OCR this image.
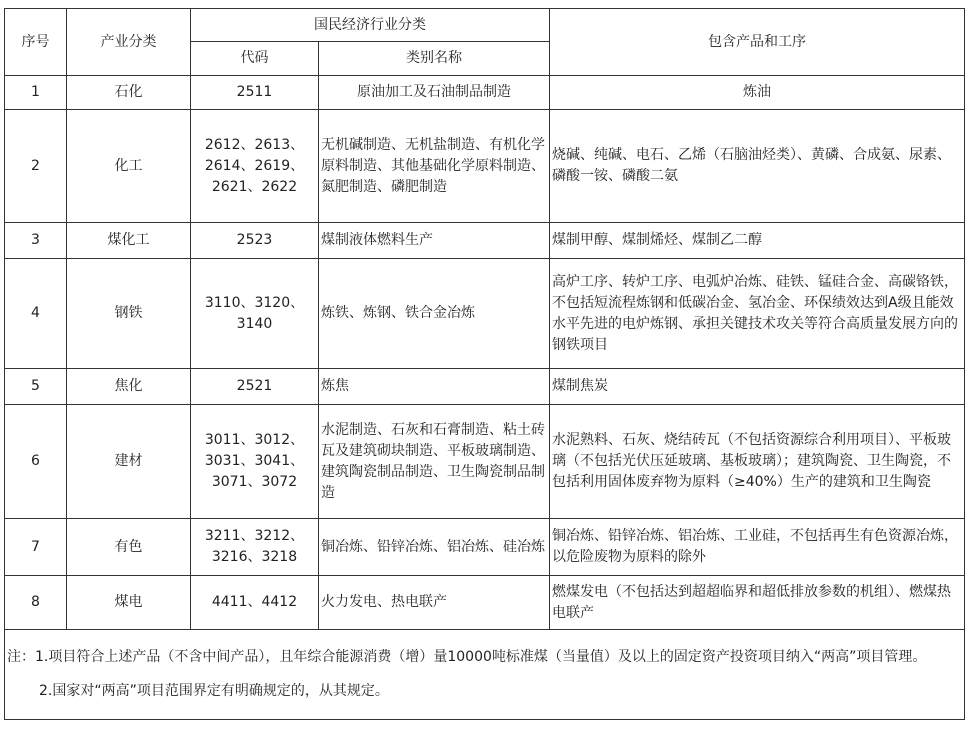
序号	产业分类	国民经济行业分类		包含产品和工序
		代码	类别名称	
1	石化	2511	原油加工及石油制品制造	炼油
2	化工	2612、2613、2614、2619、2621、2622	无机碱制造、无机盐制造、有机化学原料制造、其他基础化学原料制造、氮肥制造、磷肥制造	烧碱、纯碱、电石、乙烯（石脑油烃类）、黄磷、合成氨、尿素、磷酸一铵、磷酸二氨
3	煤化工	2523	煤制液体燃料生产	煤制甲醇、煤制烯烃、煤制乙二醇
4	钢铁	3110、3120、3140	炼铁、炼钢、铁合金冶炼	高炉工序、转炉工序、电弧炉冶炼、硅铁、锰硅合金、高碳铬铁，不包括短流程炼钢和低碳冶金、氢冶金、环保绩效达到A级且能效水平先进的电炉炼钢、承担关键技术攻关等符合高质量发展方向的钢铁项目
5	焦化	2521	炼焦	煤制焦炭
6	建材	3011、3012、3031、3041、3071、3072	水泥制造、石灰和石膏制造、粘土砖瓦及建筑砌块制造、平板玻璃制造、建筑陶瓷制品制造、卫生陶瓷制品制造	水泥熟料、石灰、烧结砖瓦（不包括资源综合利用项目）、平板玻璃（不包括光伏压延玻璃、基板玻璃）；建筑陶瓷、卫生陶瓷，不包括利用固体废弃物为原料（≥40%）生产的建筑和卫生陶瓷
7	有色	3211、3212、3216、3218	铜冶炼、铅锌冶炼、铝冶炼、硅冶炼	铜冶炼、铅锌冶炼、铝冶炼、工业硅，不包括再生有色资源冶炼，以危险废物为原料的除外
8	煤电	4411、4412	火力发电、热电联产	燃煤发电（不包括达到超超临界和超低排放参数的机组）、燃煤热电联产

注：1.项目符合上述产品（不含中间产品），且年综合能源消费（增）量10000吨标准煤（当量值）及以上的固定资产投资项目纳入“两高”项目管理。

2.国家对“两高”项目范围界定有明确规定的，从其规定。				
